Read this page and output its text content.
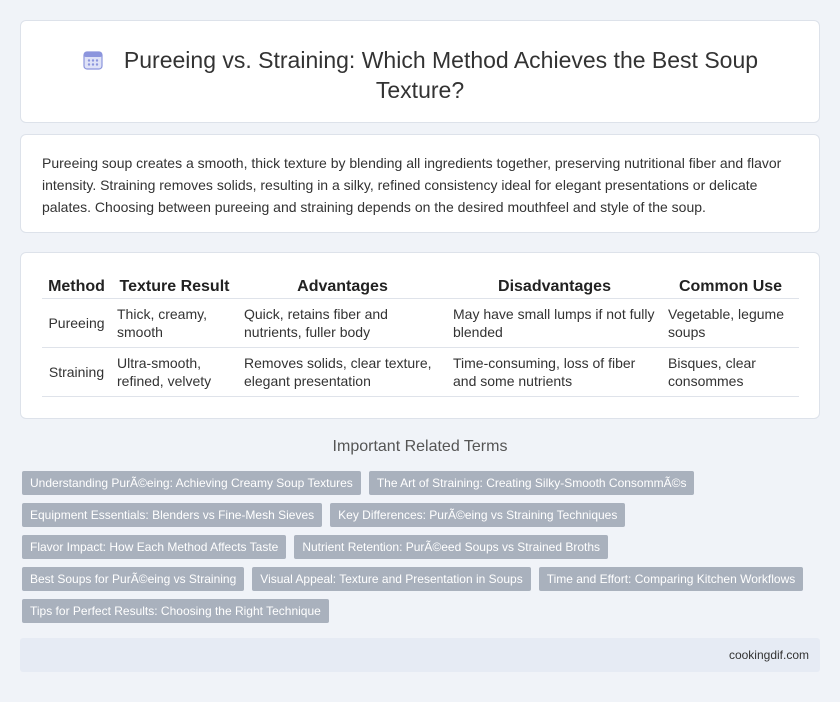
Pureeing vs. Straining: Which Method Achieves the Best Soup Texture?

Pureeing soup creates a smooth, thick texture by blending all ingredients together, preserving nutritional fiber and flavor intensity. Straining removes solids, resulting in a silky, refined consistency ideal for elegant presentations or delicate palates. Choosing between pureeing and straining depends on the desired mouthfeel and style of the soup.

Method	Texture Result	Advantages	Disadvantages	Common Use
Pureeing	Thick, creamy, smooth	Quick, retains fiber and nutrients, fuller body	May have small lumps if not fully blended	Vegetable, legume soups
Straining	Ultra-smooth, refined, velvety	Removes solids, clear texture, elegant presentation	Time-consuming, loss of fiber and some nutrients	Bisques, clear consommes
Important Related Terms
Understanding PurÃ©eing: Achieving Creamy Soup Textures	The Art of Straining: Creating Silky-Smooth ConsommÃ©s
Equipment Essentials: Blenders vs Fine-Mesh Sieves	Key Differences: PurÃ©eing vs Straining Techniques
Flavor Impact: How Each Method Affects Taste	Nutrient Retention: PurÃ©eed Soups vs Strained Broths
Best Soups for PurÃ©eing vs Straining	Visual Appeal: Texture and Presentation in Soups	Time and Effort: Comparing Kitchen Workflows
Tips for Perfect Results: Choosing the Right Technique
cookingdif.com
